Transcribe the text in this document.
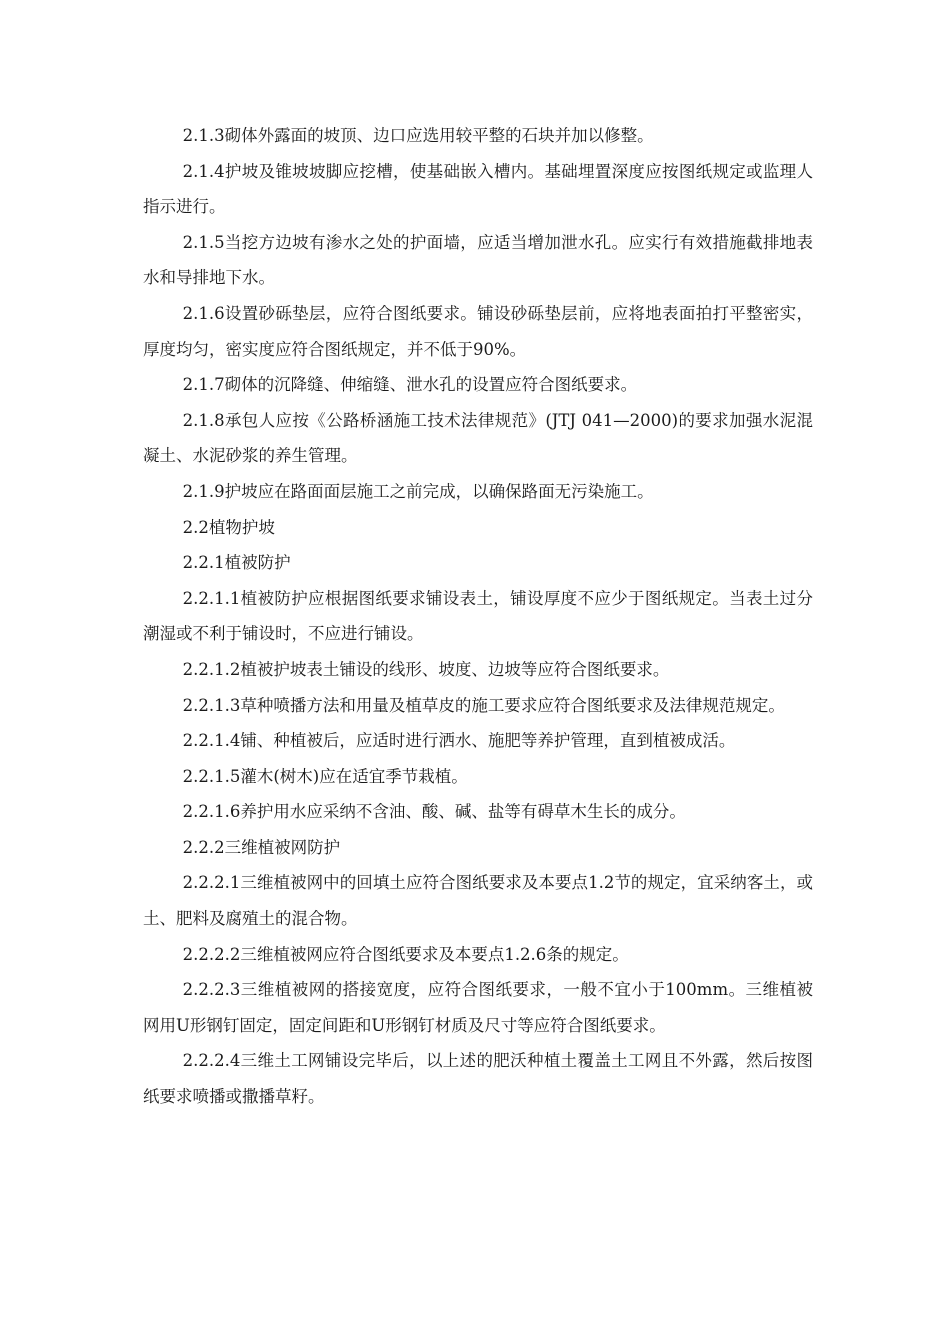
2.1.3砌体外露面的坡顶、边口应选用较平整的石块并加以修整。

2.1.4护坡及锥坡坡脚应挖槽，使基础嵌入槽内。基础埋置深度应按图纸规定或监理人指示进行。

2.1.5当挖方边坡有渗水之处的护面墙，应适当增加泄水孔。应实行有效措施截排地表水和导排地下水。

2.1.6设置砂砾垫层，应符合图纸要求。铺设砂砾垫层前，应将地表面拍打平整密实，厚度均匀，密实度应符合图纸规定，并不低于90%。

2.1.7砌体的沉降缝、伸缩缝、泄水孔的设置应符合图纸要求。

2.1.8承包人应按《公路桥涵施工技术法律规范》(JTJ 041—2000)的要求加强水泥混凝土、水泥砂浆的养生管理。

2.1.9护坡应在路面面层施工之前完成，以确保路面无污染施工。

2.2植物护坡

2.2.1植被防护

2.2.1.1植被防护应根据图纸要求铺设表土，铺设厚度不应少于图纸规定。当表土过分潮湿或不利于铺设时，不应进行铺设。

2.2.1.2植被护坡表土铺设的线形、坡度、边坡等应符合图纸要求。

2.2.1.3草种喷播方法和用量及植草皮的施工要求应符合图纸要求及法律规范规定。

2.2.1.4铺、种植被后，应适时进行洒水、施肥等养护管理，直到植被成活。

2.2.1.5灌木(树木)应在适宜季节栽植。

2.2.1.6养护用水应采纳不含油、酸、碱、盐等有碍草木生长的成分。

2.2.2三维植被网防护

2.2.2.1三维植被网中的回填土应符合图纸要求及本要点1.2节的规定，宜采纳客土，或土、肥料及腐殖土的混合物。

2.2.2.2三维植被网应符合图纸要求及本要点1.2.6条的规定。

2.2.2.3三维植被网的搭接宽度，应符合图纸要求，一般不宜小于100mm。三维植被网用U形钢钉固定，固定间距和U形钢钉材质及尺寸等应符合图纸要求。

2.2.2.4三维土工网铺设完毕后，以上述的肥沃种植土覆盖土工网且不外露，然后按图纸要求喷播或撒播草籽。
